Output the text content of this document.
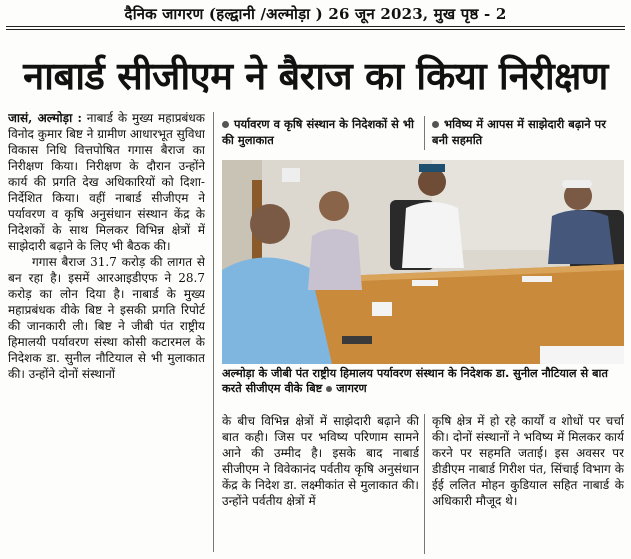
दैनिक जागरण (हल्द्वानी /अल्मोड़ा ) 26 जून 2023, मुख पृष्ठ - 2
नाबार्ड सीजीएम ने बैराज का किया निरीक्षण

जासं, अल्मोड़ा : नाबार्ड के मुख्य महाप्रबंधक विनोद कुमार बिष्ट ने ग्रामीण आधारभूत सुविधा विकास निधि वित्तपोषित गगास बैराज का निरीक्षण किया। निरीक्षण के दौरान उन्होंने कार्य की प्रगति देख अधिकारियों को दिशा-निर्देशित किया। वहीं नाबार्ड सीजीएम ने पर्यावरण व कृषि अनुसंधान संस्थान केंद्र के निदेशकों के साथ मिलकर विभिन्न क्षेत्रों में साझेदारी बढ़ाने के लिए भी बैठक की।

गगास बैराज 31.7 करोड़ की लागत से बन रहा है। इसमें आरआइडीएफ ने 28.7 करोड़ का लोन दिया है। नाबार्ड के मुख्य महाप्रबंधक वीके बिष्ट ने इसकी प्रगति रिपोर्ट की जानकारी ली। बिष्ट ने जीबी पंत राष्ट्रीय हिमालयी पर्यावरण संस्था कोसी कटारमल के निदेशक डा. सुनील नौटियाल से भी मुलाकात की। उन्होंने दोनों संस्थानों

पर्यावरण व कृषि संस्थान के निदेशकों से भी की मुलाकात
भविष्य में आपस में साझेदारी बढ़ाने पर बनी सहमति
अल्मोड़ा के जीबी पंत राष्ट्रीय हिमालय पर्यावरण संस्थान के निदेशक डा. सुनील नौटियाल से बात करते सीजीएम वीके बिष्ट जागरण

के बीच विभिन्न क्षेत्रों में साझेदारी बढ़ाने की बात कही। जिस पर भविष्य परिणाम सामने आने की उम्मीद है। इसके बाद नाबार्ड सीजीएम ने विवेकानंद पर्वतीय कृषि अनुसंधान केंद्र के निदेश डा. लक्ष्मीकांत से मुलाकात की। उन्होंने पर्वतीय क्षेत्रों में

कृषि क्षेत्र में हो रहे कार्यों व शोधों पर चर्चा की। दोनों संस्थानों ने भविष्य में मिलकर कार्य करने पर सहमति जताई। इस अवसर पर डीडीएम नाबार्ड गिरीश पंत, सिंचाई विभाग के ईई ललित मोहन कुडियाल सहित नाबार्ड के अधिकारी मौजूद थे।
